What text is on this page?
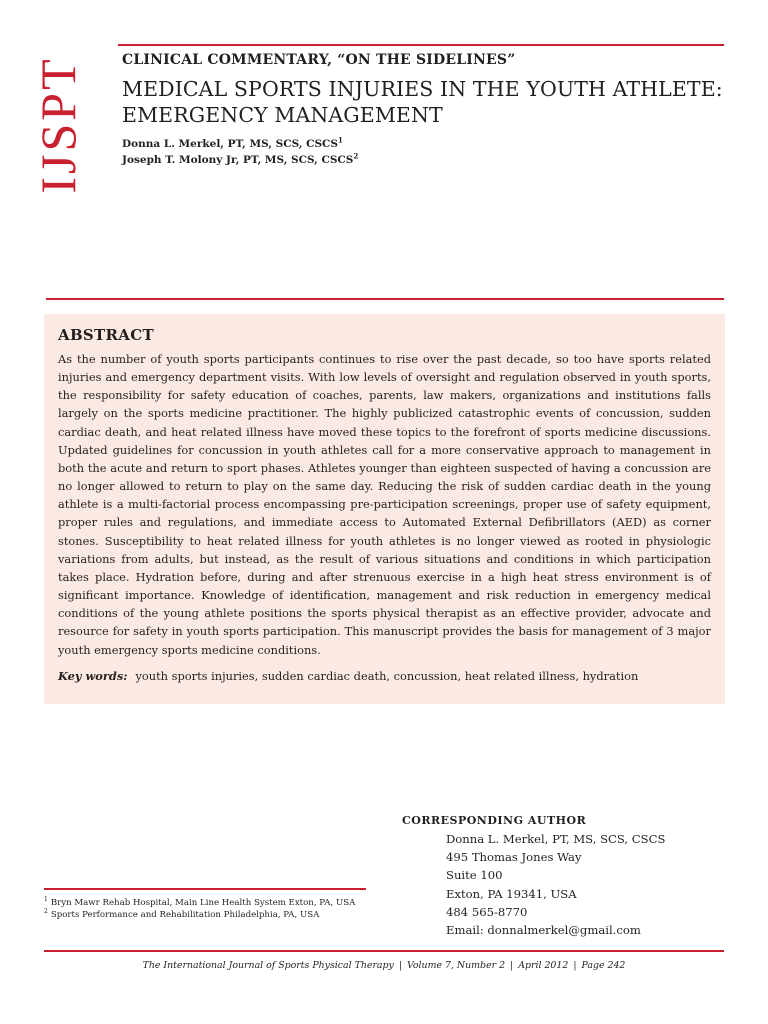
IJSPT	CLINICAL COMMENTARY, “ON THE SIDELINES”
MEDICAL SPORTS INJURIES IN THE YOUTH ATHLETE:
EMERGENCY MANAGEMENT
Donna L. Merkel, PT, MS, SCS, CSCS$^1$
Joseph T. Molony Jr, PT, MS, SCS, CSCS$^2$
ABSTRACT

As the number of youth sports participants continues to rise over the past decade, so too have sports related injuries and emergency department visits. With low levels of oversight and regulation observed in youth sports, the responsibility for safety education of coaches, parents, law makers, organizations and institutions falls largely on the sports medicine practitioner. The highly publicized catastrophic events of concussion, sudden cardiac death, and heat related illness have moved these topics to the forefront of sports medicine discussions. Updated guidelines for concussion in youth athletes call for a more conservative approach to management in both the acute and return to sport phases. Athletes younger than eighteen suspected of having a concussion are no longer allowed to return to play on the same day. Reducing the risk of sudden cardiac death in the young athlete is a multi-factorial process encompassing pre-participation screenings, proper use of safety equipment, proper rules and regulations, and immediate access to Automated External Defibrillators (AED) as corner stones. Susceptibility to heat related illness for youth athletes is no longer viewed as rooted in physiologic variations from adults, but instead, as the result of various situations and conditions in which participation takes place. Hydration before, during and after strenuous exercise in a high heat stress environment is of significant importance. Knowledge of identification, management and risk reduction in emergency medical conditions of the young athlete positions the sports physical therapist as an effective provider, advocate and resource for safety in youth sports participation. This manuscript provides the basis for management of 3 major youth emergency sports medicine conditions.

Key words: youth sports injuries, sudden cardiac death, concussion, heat related illness, hydration
CORRESPONDING AUTHOR
Donna L. Merkel, PT, MS, SCS, CSCS
495 Thomas Jones Way
Suite 100
Exton, PA 19341, USA
484 565-8770
Email: donnalmerkel@gmail.com
$^1$ Bryn Mawr Rehab Hospital, Main Line Health System Exton, PA, USA
$^2$ Sports Performance and Rehabilitation Philadelphia, PA, USA
The International Journal of Sports Physical Therapy | Volume 7, Number 2 | April 2012 | Page 242
